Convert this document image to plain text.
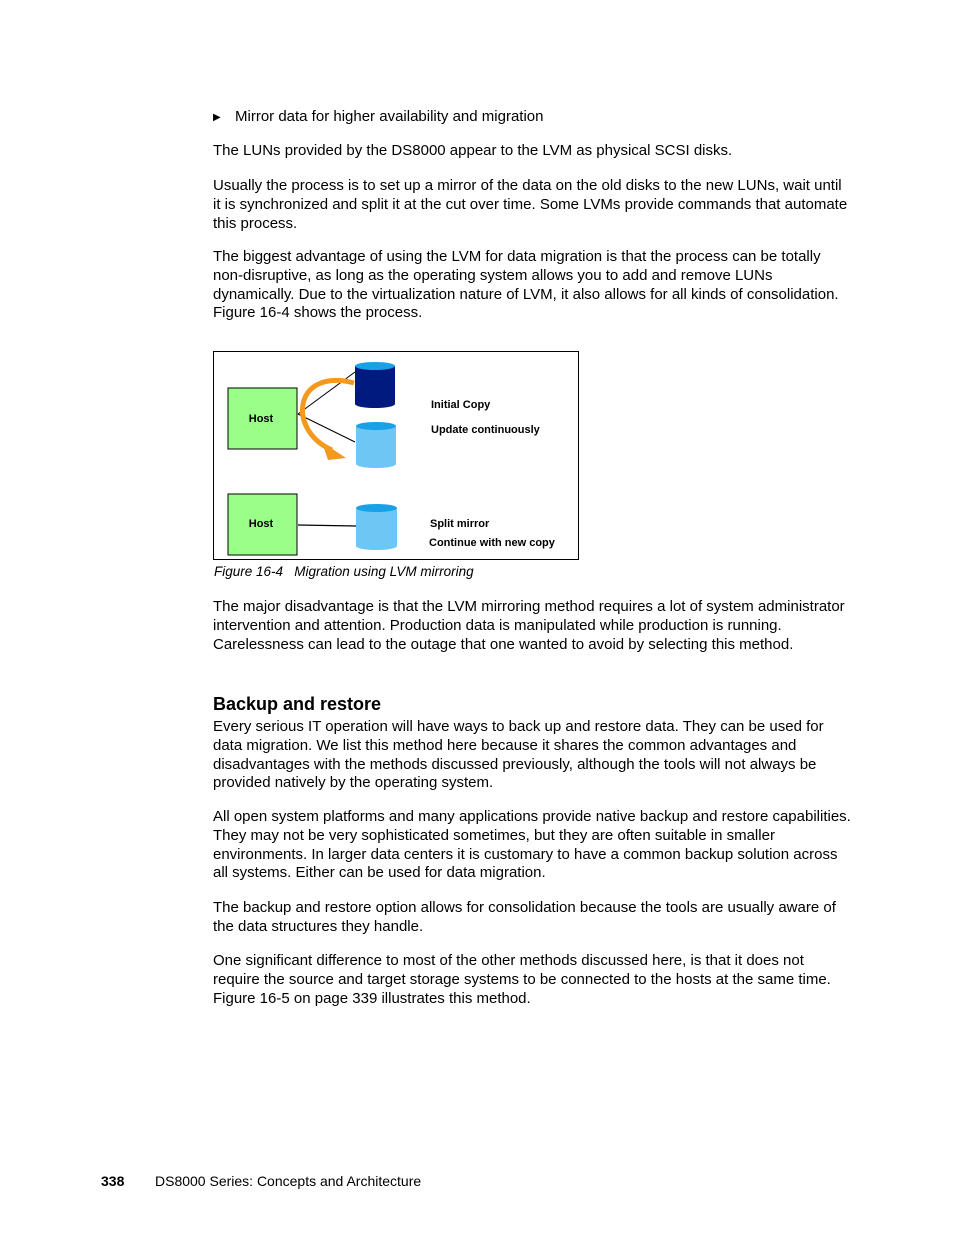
▶ Mirror data for higher availability and migration

The LUNs provided by the DS8000 appear to the LVM as physical SCSI disks.

Usually the process is to set up a mirror of the data on the old disks to the new LUNs, wait until it is synchronized and split it at the cut over time. Some LVMs provide commands that automate this process.

The biggest advantage of using the LVM for data migration is that the process can be totally non-disruptive, as long as the operating system allows you to add and remove LUNs dynamically. Due to the virtualization nature of LVM, it also allows for all kinds of consolidation. Figure 16-4 shows the process.

Host
Host
Initial Copy
Update continuously
Split mirror
Continue with new copy
Figure 16-4   Migration using LVM mirroring

The major disadvantage is that the LVM mirroring method requires a lot of system administrator intervention and attention. Production data is manipulated while production is running. Carelessness can lead to the outage that one wanted to avoid by selecting this method.

Backup and restore

Every serious IT operation will have ways to back up and restore data. They can be used for data migration. We list this method here because it shares the common advantages and disadvantages with the methods discussed previously, although the tools will not always be provided natively by the operating system.

All open system platforms and many applications provide native backup and restore capabilities. They may not be very sophisticated sometimes, but they are often suitable in smaller environments. In larger data centers it is customary to have a common backup solution across all systems. Either can be used for data migration.

The backup and restore option allows for consolidation because the tools are usually aware of the data structures they handle.

One significant difference to most of the other methods discussed here, is that it does not require the source and target storage systems to be connected to the hosts at the same time. Figure 16-5 on page 339 illustrates this method.

338 DS8000 Series: Concepts and Architecture
